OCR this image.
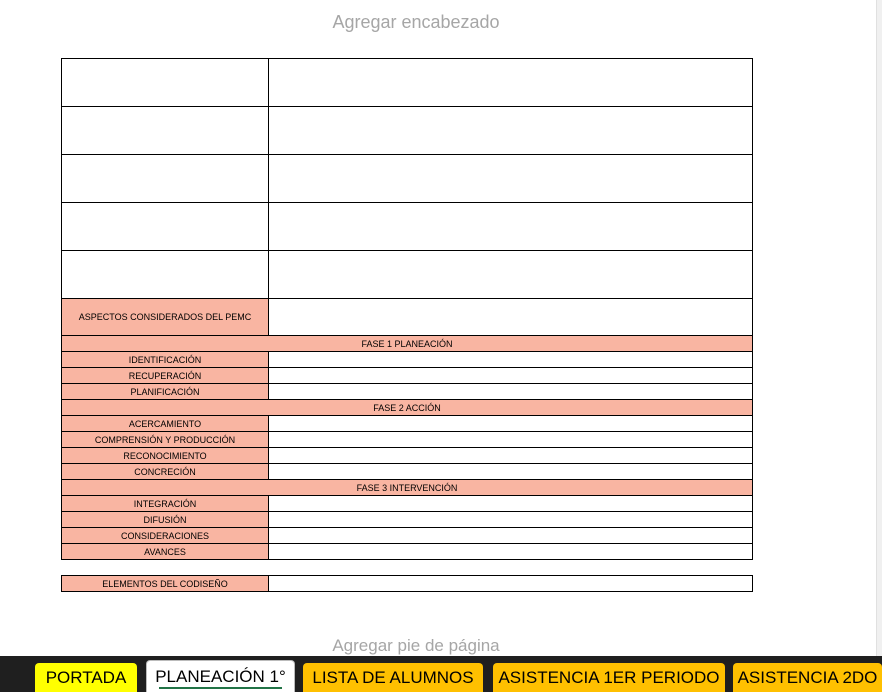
Agregar encabezado

ASPECTOS CONSIDERADOS DEL PEMC	
FASE 1 PLANEACIÓN	
IDENTIFICACIÓN	
RECUPERACIÓN	
PLANIFICACIÓN	
FASE 2 ACCIÓN	
ACERCAMIENTO	
COMPRENSIÓN Y PRODUCCIÓN	
RECONOCIMIENTO	
CONCRECIÓN	
FASE 3 INTERVENCIÓN	
INTEGRACIÓN	
DIFUSIÓN	
CONSIDERACIONES	
AVANCES	
ELEMENTOS DEL CODISEÑO	
Agregar pie de página
PORTADA	PLANEACIÓN 1°	LISTA DE ALUMNOS	ASISTENCIA 1ER PERIODO	ASISTENCIA 2DO
